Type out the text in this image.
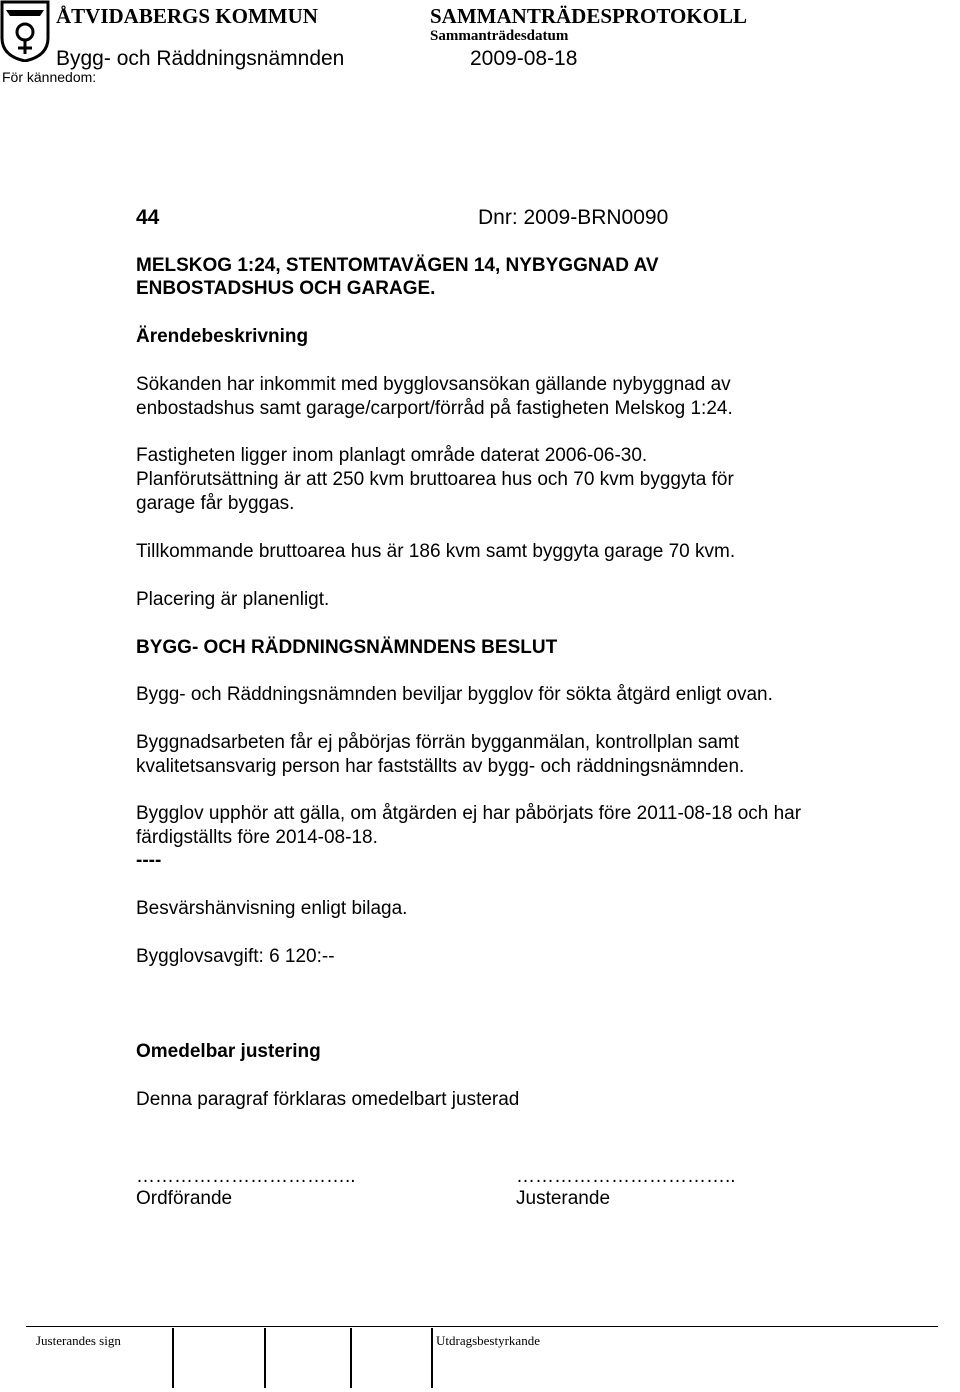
ÅTVIDABERGS KOMMUN	SAMMANTRÄDESPROTOKOLL
Sammanträdesdatum
Bygg- och Räddningsnämnden	2009-08-18
För kännedom:
44	Dnr: 2009-BRN0090
MELSKOG 1:24, STENTOMTAVÄGEN 14, NYBYGGNAD AV
ENBOSTADSHUS OCH GARAGE.
Ärendebeskrivning
Sökanden har inkommit med bygglovsansökan gällande nybyggnad av
enbostadshus samt garage/carport/förråd på fastigheten Melskog 1:24.
Fastigheten ligger inom planlagt område daterat 2006-06-30.
Planförutsättning är att 250 kvm bruttoarea hus och 70 kvm byggyta för
garage får byggas.
Tillkommande bruttoarea hus är 186 kvm samt byggyta garage 70 kvm.
Placering är planenligt.
BYGG- OCH RÄDDNINGSNÄMNDENS BESLUT
Bygg- och Räddningsnämnden beviljar bygglov för sökta åtgärd enligt ovan.
Byggnadsarbeten får ej påbörjas förrän bygganmälan, kontrollplan samt
kvalitetsansvarig person har fastställts av bygg- och räddningsnämnden.
Bygglov upphör att gälla, om åtgärden ej har påbörjats före 2011-08-18 och har
färdigställts före 2014-08-18.
----
Besvärshänvisning enligt bilaga.
Bygglovsavgift: 6 120:--
Omedelbar justering
Denna paragraf förklaras omedelbart justerad
……………………………..	……………………………..
Ordförande	Justerande
Justerandes sign	Utdragsbestyrkande
